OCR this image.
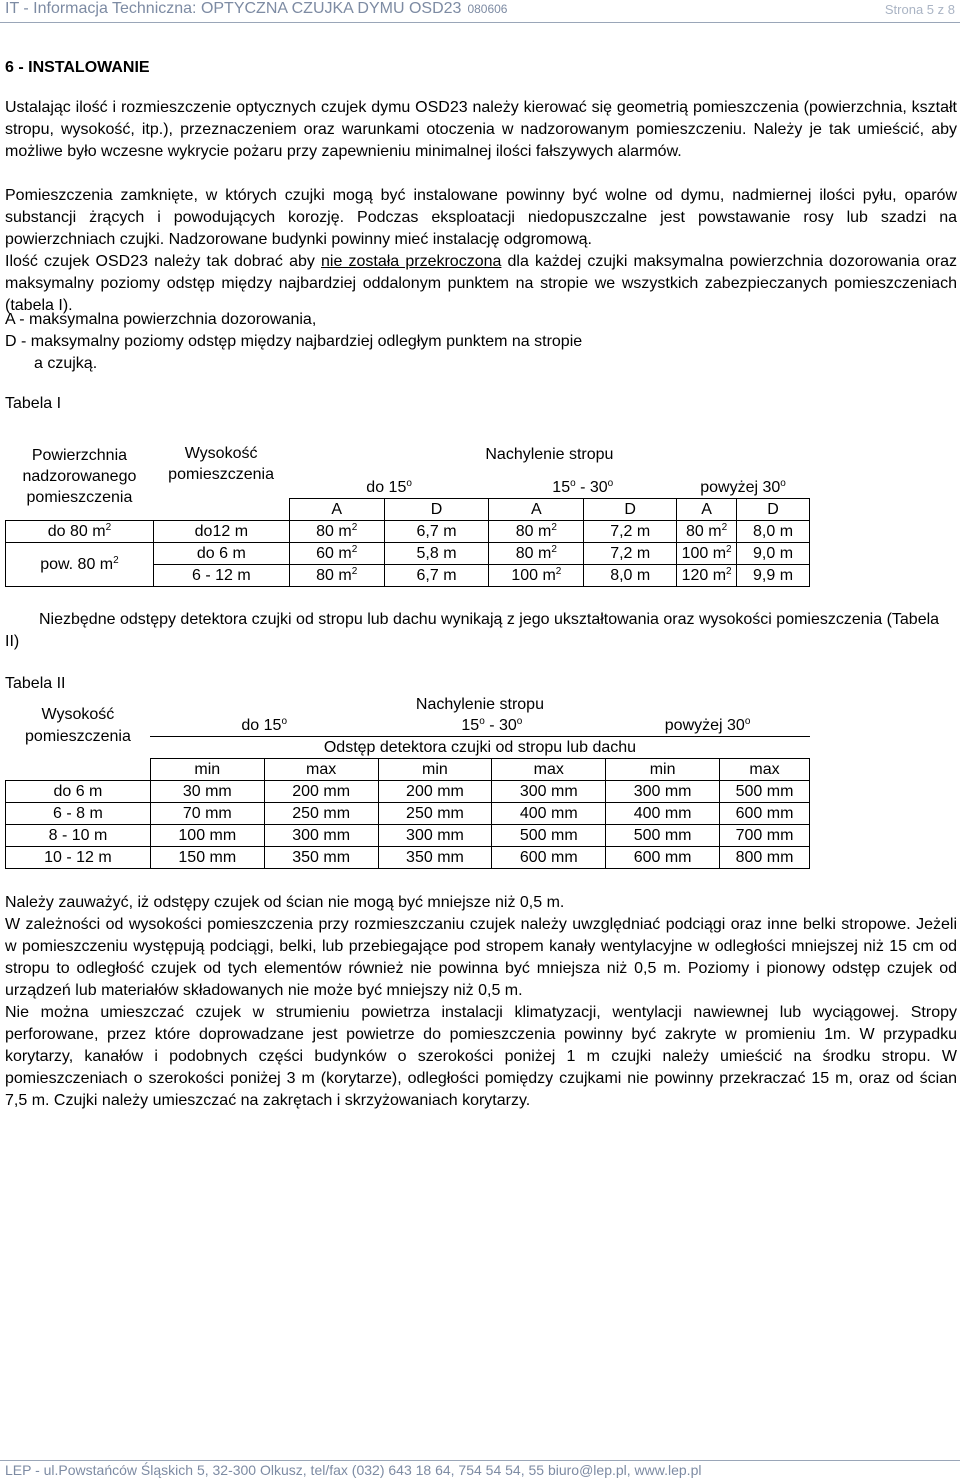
IT - Informacja Techniczna: OPTYCZNA CZUJKA DYMU OSD23 080606	Strona 5 z 8
6 - INSTALOWANIE

Ustalając ilość i rozmieszczenie optycznych czujek dymu OSD23 należy kierować się geometrią pomieszczenia (powierzchnia, kształt stropu, wysokość, itp.), przeznaczeniem oraz warunkami otoczenia w nadzorowanym pomieszczeniu. Należy je tak umieścić, aby możliwe było wczesne wykrycie pożaru przy zapewnieniu minimalnej ilości fałszywych alarmów.

Pomieszczenia zamknięte, w których czujki mogą być instalowane powinny być wolne od dymu, nadmiernej ilości pyłu, oparów substancji żrących i powodujących korozję. Podczas eksploatacji niedopuszczalne jest powstawanie rosy lub szadzi na powierzchniach czujki. Nadzorowane budynki powinny mieć instalację odgromową.

Ilość czujek OSD23 należy tak dobrać aby nie została przekroczona dla każdej czujki maksymalna powierzchnia dozorowania oraz maksymalny poziomy odstęp między najbardziej oddalonym punktem na stropie we wszystkich zabezpieczanych pomieszczeniach (tabela I).

A - maksymalna powierzchnia dozorowania,

D - maksymalny poziomy odstęp między najbardziej odległym punktem na stropie

a czujką.

Tabela I

Powierzchnia nadzorowanego pomieszczenia	Wysokość pomieszczenia	Nachylenie stropu					
		do 15$^o$		15$^o$ - 30$^o$		powyżej 30$^o$
		A	D	A	D	A	D
do 80 $m^2$	do12 m	80 $m^2$	6,7 m	80 $m^2$	7,2 m	80 $m^2$	8,0 m
pow. 80 $m^2$	do 6 m	60 $m^2$	5,8 m	80 $m^2$	7,2 m	100 $m^2$	9,0 m
	6 - 12 m	80 $m^2$	6,7 m	100 $m^2$	8,0 m	120 $m^2$	9,9 m

Niezbędne odstępy detektora czujki od stropu lub dachu wynikają z jego ukształtowania oraz wysokości pomieszczenia (Tabela II)

Tabela II

Wysokość pomieszczenia	Nachylenie stropu					
	do 15$^o$		15$^o$ - 30$^o$		powyżej 30$^o$
	Odstęp detektora czujki od stropu lub dachu					
	min	max	min	max	min	max
do 6 m	30 mm	200 mm	200 mm	300 mm	300 mm	500 mm
6 - 8 m	70 mm	250 mm	250 mm	400 mm	400 mm	600 mm
8 - 10 m	100 mm	300 mm	300 mm	500 mm	500 mm	700 mm
10 - 12 m	150 mm	350 mm	350 mm	600 mm	600 mm	800 mm

Należy zauważyć, iż odstępy czujek od ścian nie mogą być mniejsze niż 0,5 m.
W zależności od wysokości pomieszczenia przy rozmieszczaniu czujek należy uwzględniać podciągi oraz inne belki stropowe. Jeżeli w pomieszczeniu występują podciągi, belki, lub przebiegające pod stropem kanały wentylacyjne w odległości mniejszej niż 15 cm od stropu to odległość czujek od tych elementów również nie powinna być mniejsza niż 0,5 m. Poziomy i pionowy odstęp czujek od urządzeń lub materiałów składowanych nie może być mniejszy niż 0,5 m.
Nie można umieszczać czujek w strumieniu powietrza instalacji klimatyzacji, wentylacji nawiewnej lub wyciągowej. Stropy perforowane, przez które doprowadzane jest powietrze do pomieszczenia powinny być zakryte w promieniu 1m. W przypadku korytarzy, kanałów i podobnych części budynków o szerokości poniżej 1 m czujki należy umieścić na środku stropu. W pomieszczeniach o szerokości poniżej 3 m (korytarze), odległości pomiędzy czujkami nie powinny przekraczać 15 m, oraz od ścian 7,5 m. Czujki należy umieszczać na zakrętach i skrzyżowaniach korytarzy.

LEP - ul.Powstańców Śląskich 5, 32-300 Olkusz, tel/fax (032) 643 18 64, 754 54 54, 55 biuro@lep.pl, www.lep.pl
